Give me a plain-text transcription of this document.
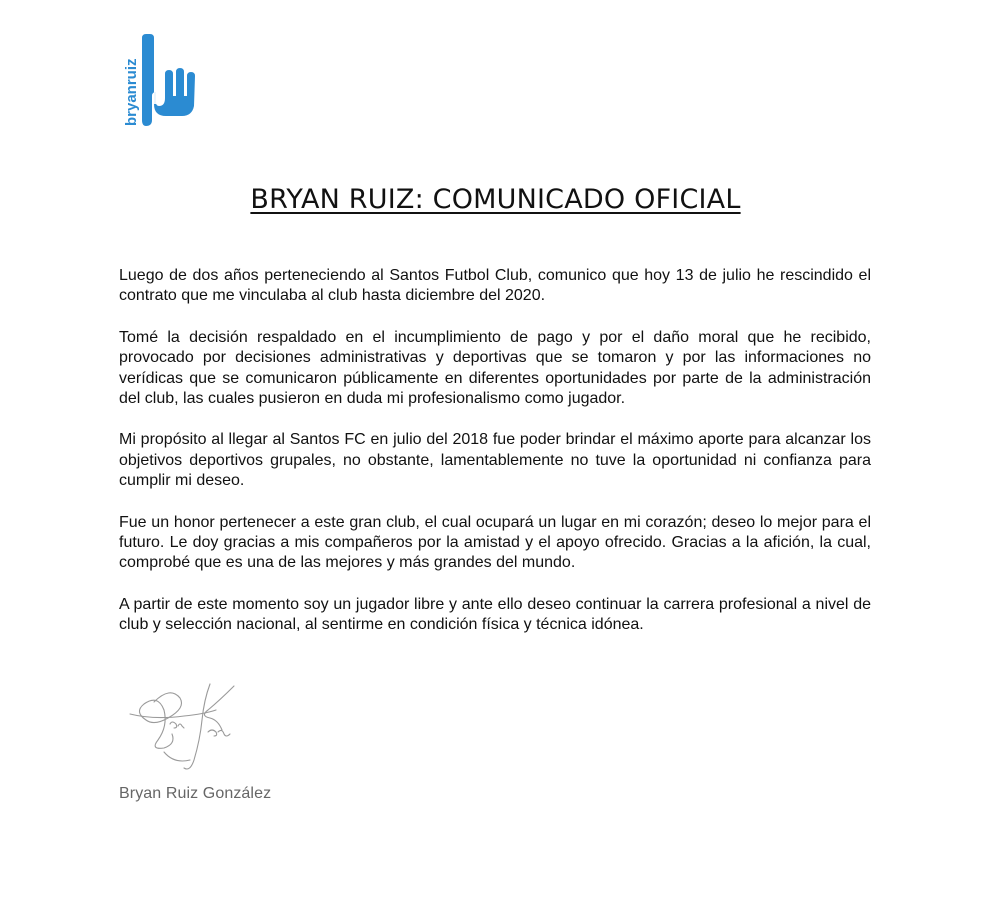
bryanruiz
BRYAN RUIZ: COMUNICADO OFICIAL

Luego de dos años perteneciendo al Santos Futbol Club, comunico que hoy 13 de julio he rescindido el contrato que me vinculaba al club hasta diciembre del 2020.

Tomé la decisión respaldado en el incumplimiento de pago y por el daño moral que he recibido, provocado por decisiones administrativas y deportivas que se tomaron y por las informaciones no verídicas que se comunicaron públicamente en diferentes oportunidades por parte de la administración del club, las cuales pusieron en duda mi profesionalismo como jugador.

Mi propósito al llegar al Santos FC en julio del 2018 fue poder brindar el máximo aporte para alcanzar los objetivos deportivos grupales, no obstante, lamentablemente no tuve la oportunidad ni confianza para cumplir mi deseo.

Fue un honor pertenecer a este gran club, el cual ocupará un lugar en mi corazón; deseo lo mejor para el futuro. Le doy gracias a mis compañeros por la amistad y el apoyo ofrecido. Gracias a la afición, la cual, comprobé que es una de las mejores y más grandes del mundo.

A partir de este momento soy un jugador libre y ante ello deseo continuar la carrera profesional a nivel de club y selección nacional, al sentirme en condición física y técnica idónea.

Bryan Ruiz González
